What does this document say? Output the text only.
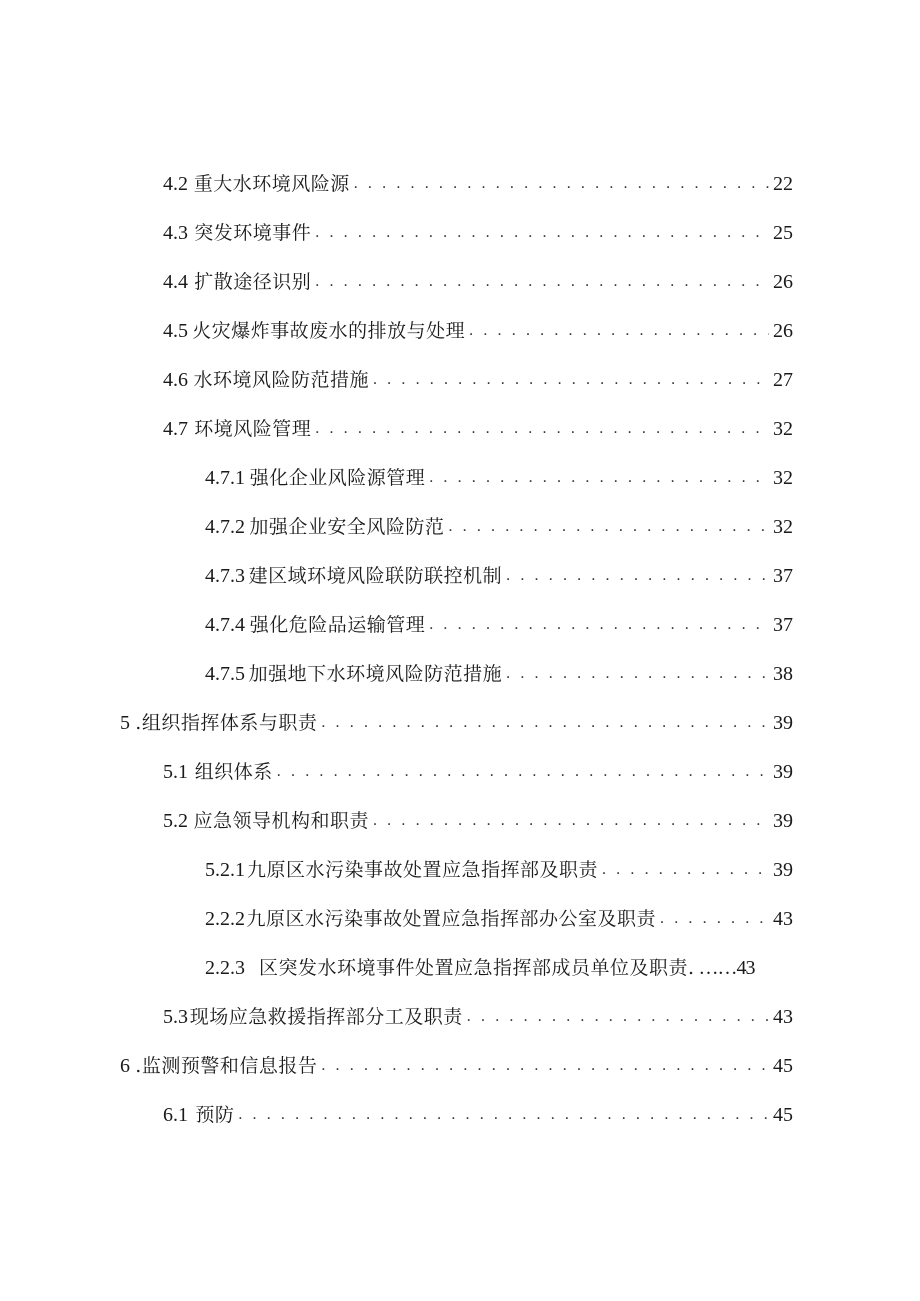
4.2 重大水环境风险源 . . .	22
4.3 突发环境事件 . . .	25
4.4 扩散途径识别 . . .	26
4.5 火灾爆炸事故废水的排放与处理 . . .	26
4.6 水环境风险防范措施 . . .	27
4.7 环境风险管理 . . .	32
4.7.1 强化企业风险源管理 . . .	32
4.7.2 加强企业安全风险防范 . . .	32
4.7.3 建区域环境风险联防联控机制 . . .	37
4.7.4 强化危险品运输管理 . . .	37
4.7.5 加强地下水环境风险防范措施 . . .	38
5 .组织指挥体系与职责 . . .	39
5.1 组织体系 . . .	39
5.2 应急领导机构和职责 . . .	39
5.2.1 九原区水污染事故处置应急指挥部及职责 . . .	39
2.2.2 九原区水污染事故处置应急指挥部办公室及职责 . . .	43
2.2.3 区突发水环境事件处置应急指挥部成员单位及职责. ……43
5.3 现场应急救援指挥部分工及职责 . . .	43
6 .监测预警和信息报告 . . .	45
6.1 预防 . . .	45
